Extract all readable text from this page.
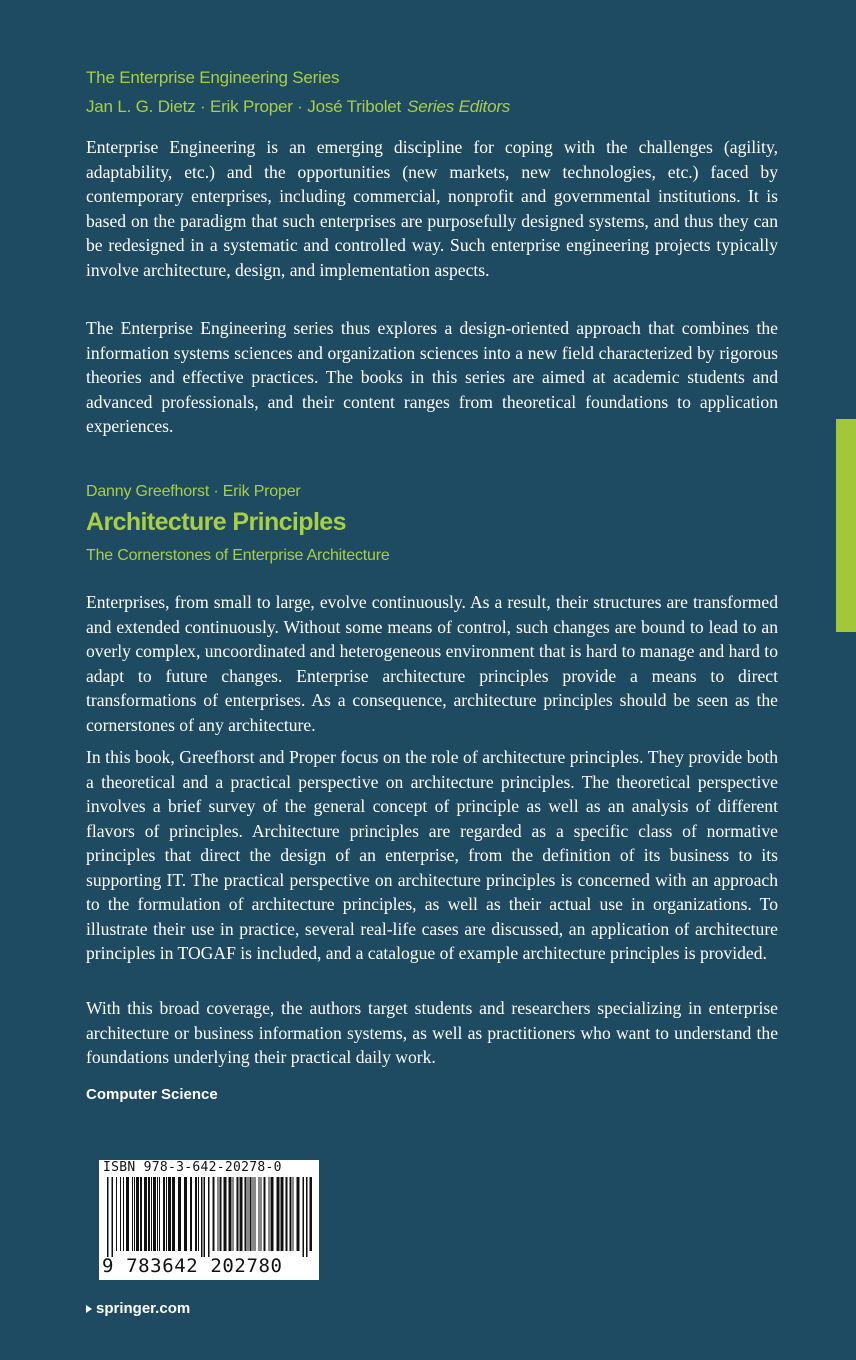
The Enterprise Engineering Series
Jan L. G. Dietz · Erik Proper · José Tribolet Series Editors

Enterprise Engineering is an emerging discipline for coping with the challenges (agility, adaptability, etc.) and the opportunities (new markets, new technologies, etc.) faced by contemporary enterprises, including commercial, nonprofit and governmental institutions. It is based on the paradigm that such enterprises are purposefully designed systems, and thus they can be redesigned in a systematic and controlled way. Such enterprise engineering projects typically involve architecture, design, and implementation aspects.

The Enterprise Engineering series thus explores a design-oriented approach that combines the information systems sciences and organization sciences into a new field characterized by rigorous theories and effective practices. The books in this series are aimed at academic students and advanced professionals, and their content ranges from theoretical foundations to application experiences.

Danny Greefhorst · Erik Proper
Architecture Principles
The Cornerstones of Enterprise Architecture

Enterprises, from small to large, evolve continuously. As a result, their structures are transformed and extended continuously. Without some means of control, such changes are bound to lead to an overly complex, uncoordinated and heterogeneous environment that is hard to manage and hard to adapt to future changes. Enterprise architecture principles provide a means to direct transformations of enterprises. As a consequence, architecture principles should be seen as the cornerstones of any architecture.

In this book, Greefhorst and Proper focus on the role of architecture principles. They provide both a theoretical and a practical perspective on architecture principles. The theoretical perspective involves a brief survey of the general concept of principle as well as an analysis of different flavors of principles. Architecture principles are regarded as a specific class of normative principles that direct the design of an enterprise, from the definition of its business to its supporting IT. The practical perspective on architecture principles is concerned with an approach to the formulation of architecture principles, as well as their actual use in organizations. To illustrate their use in practice, several real-life cases are discussed, an application of architecture principles in TOGAF is included, and a catalogue of example architecture principles is provided.

With this broad coverage, the authors target students and researchers specializing in enterprise architecture or business information systems, as well as practitioners who want to understand the foundations underlying their practical daily work.

Computer Science
ISBN 978-3-642-20278-0
9 783642 202780
springer.com
